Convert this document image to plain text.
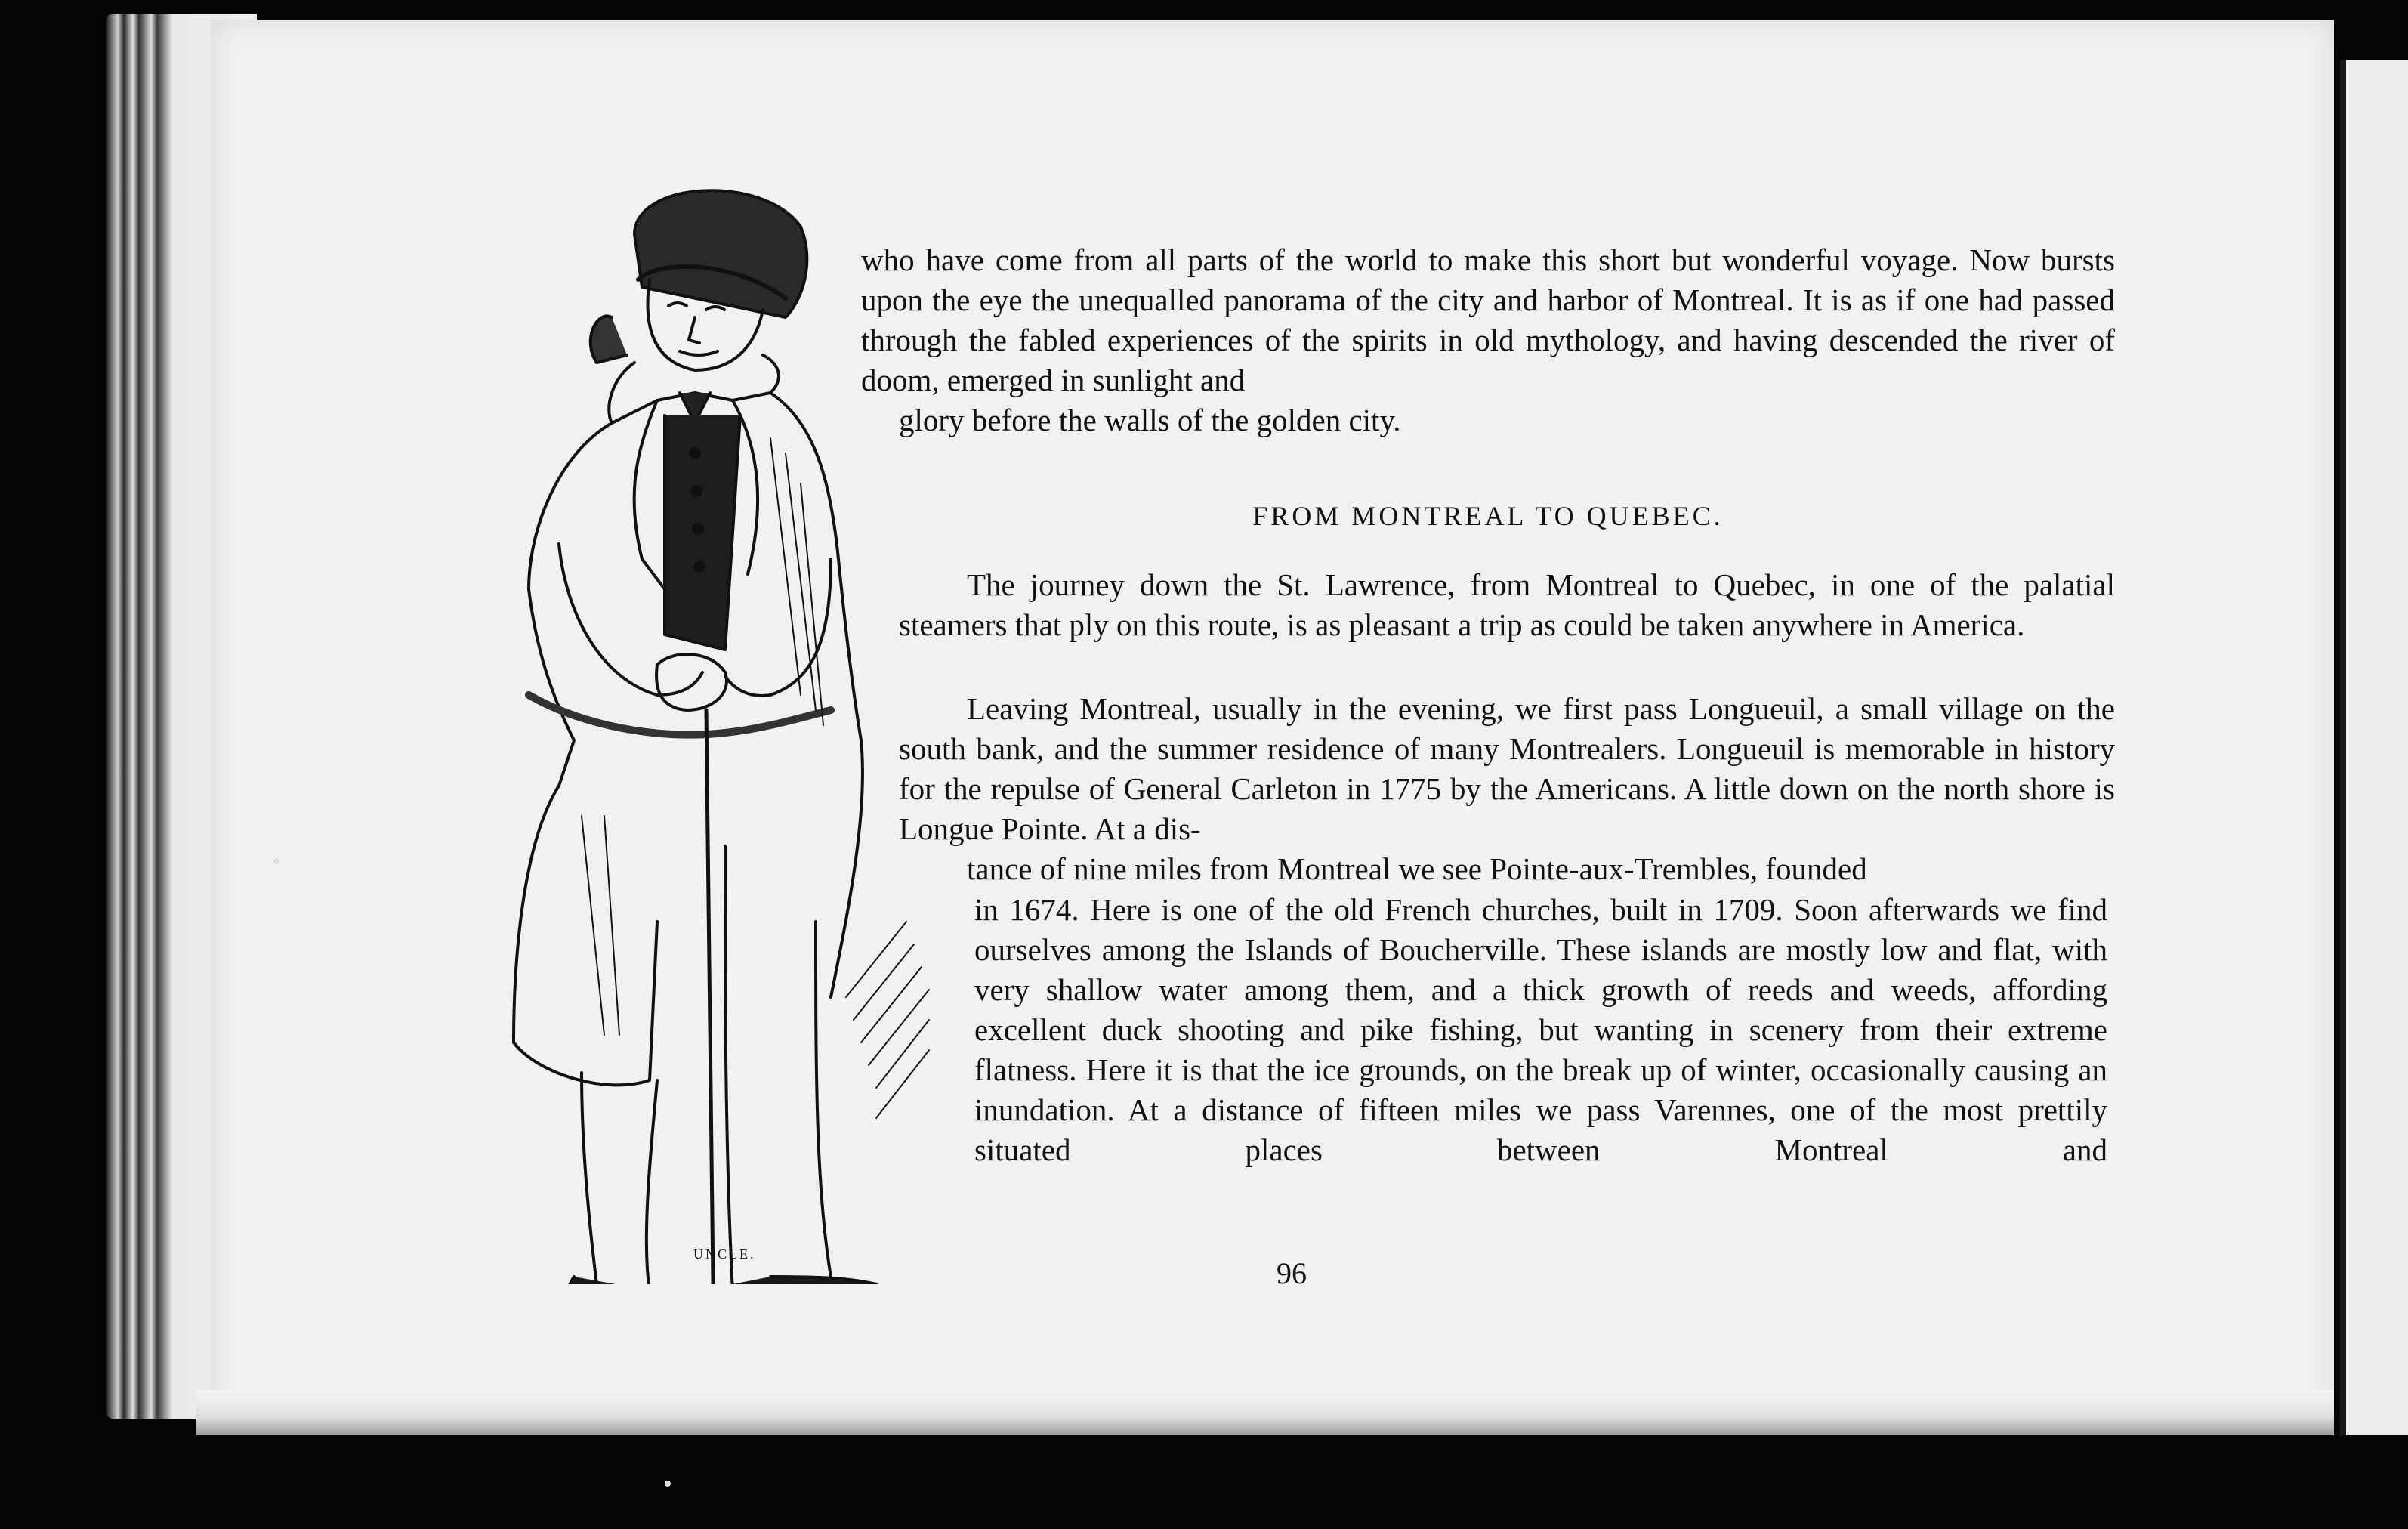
UNCLE.
who have come from all parts of the world to make this short but wonderful voyage. Now bursts upon the eye the unequalled panorama of the city and harbor of Montreal. It is as if one had passed through the fabled experiences of the spirits in old mythology, and having descended the river of doom, emerged in sunlight and
glory before the walls of the golden city.
FROM MONTREAL TO QUEBEC.
The journey down the St. Lawrence, from Montreal to Quebec, in one of the palatial steamers that ply on this route, is as pleasant a trip as could be taken anywhere in America.
Leaving Montreal, usually in the evening, we first pass Longueuil, a small village on the south bank, and the summer residence of many Montrealers. Longueuil is memorable in history for the repulse of General Carleton in 1775 by the Americans. A little down on the north shore is Longue Pointe. At a dis-
tance of nine miles from Montreal we see Pointe-aux-Trembles, founded
in 1674. Here is one of the old French churches, built in 1709. Soon afterwards we find ourselves among the Islands of Boucherville. These islands are mostly low and flat, with very shallow water among them, and a thick growth of reeds and weeds, affording excellent duck shooting and pike fishing, but wanting in scenery from their extreme flatness. Here it is that the ice grounds, on the break up of winter, occasionally causing an inundation. At a distance of fifteen miles we pass Varennes, one of the most prettily situated places between Montreal and
96
